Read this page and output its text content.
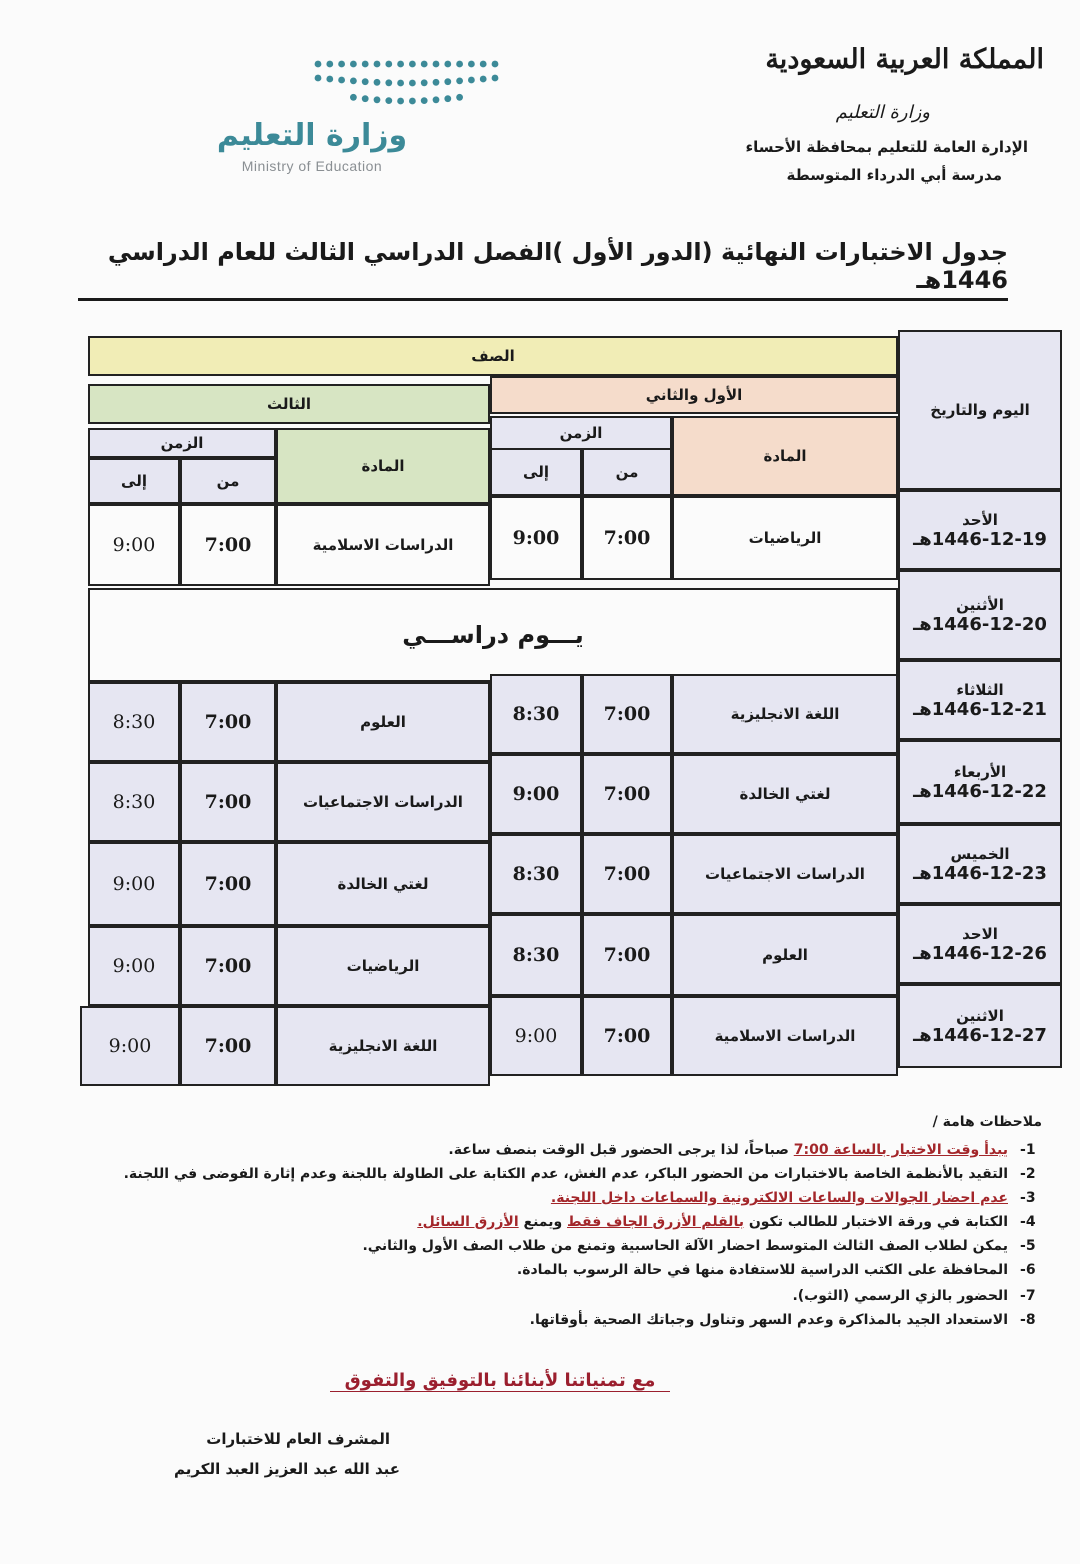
المملكة العربية السعودية
وزارة التعليم
الإدارة العامة للتعليم بمحافظة الأحساء
مدرسة أبي الدرداء المتوسطة
وزارة التعليم
Ministry of Education
جدول الاختبارات النهائية (الدور الأول )الفصل الدراسي الثالث للعام الدراسي 1446هـ
اليوم والتاريخ
الصف
الثالث	الأول والثاني
المادة
الزمن
من
إلى
المادة
الزمن
من
إلى
الأحد
1446-12-19هـ
الرياضيات
7:00
9:00
الدراسات الاسلامية
7:00
9:00
الأثنين
1446-12-20هـ
يـــوم دراســـي
الثلاثاء
1446-12-21هـ
اللغة الانجليزية
7:00
8:30
العلوم
7:00
8:30
الأربعاء
1446-12-22هـ
لغتي الخالدة
7:00
9:00
الدراسات الاجتماعيات
7:00
8:30
الخميس
1446-12-23هـ
الدراسات الاجتماعيات
7:00
8:30
لغتي الخالدة
7:00
9:00
الاحد
1446-12-26هـ
العلوم
7:00
8:30
الرياضيات
7:00
9:00
الاثنين
1446-12-27هـ
الدراسات الاسلامية
7:00
9:00
اللغة الانجليزية
7:00
9:00
ملاحظات هامة /
1-
يبدأ وقت الاختبار بالساعة 7:00 صباحاً، لذا يرجى الحضور قبل الوقت بنصف ساعة.
2-
التقيد بالأنظمة الخاصة بالاختبارات من الحضور الباكر، عدم الغش، عدم الكتابة على الطاولة باللجنة وعدم إثارة الفوضى في اللجنة.
3-
عدم احضار الجوالات والساعات الالكترونية والسماعات داخل اللجنة.
4-
الكتابة في ورقة الاختبار للطالب تكون بالقلم الأزرق الجاف فقط ويمنع الأزرق السائل.
5-
يمكن لطلاب الصف الثالث المتوسط احضار الآلة الحاسبية وتمنع من طلاب الصف الأول والثاني.
6-
المحافظة على الكتب الدراسية للاستفادة منها في حالة الرسوب بالمادة.
7-
الحضور بالزي الرسمي (الثوب).
8-
الاستعداد الجيد بالمذاكرة وعدم السهر وتناول وجباتك الصحية بأوقاتها.
مع تمنياتنا لأبنائنا بالتوفيق والتفوق
المشرف العام للاختبارات
عبد الله عبد العزيز العبد الكريم
